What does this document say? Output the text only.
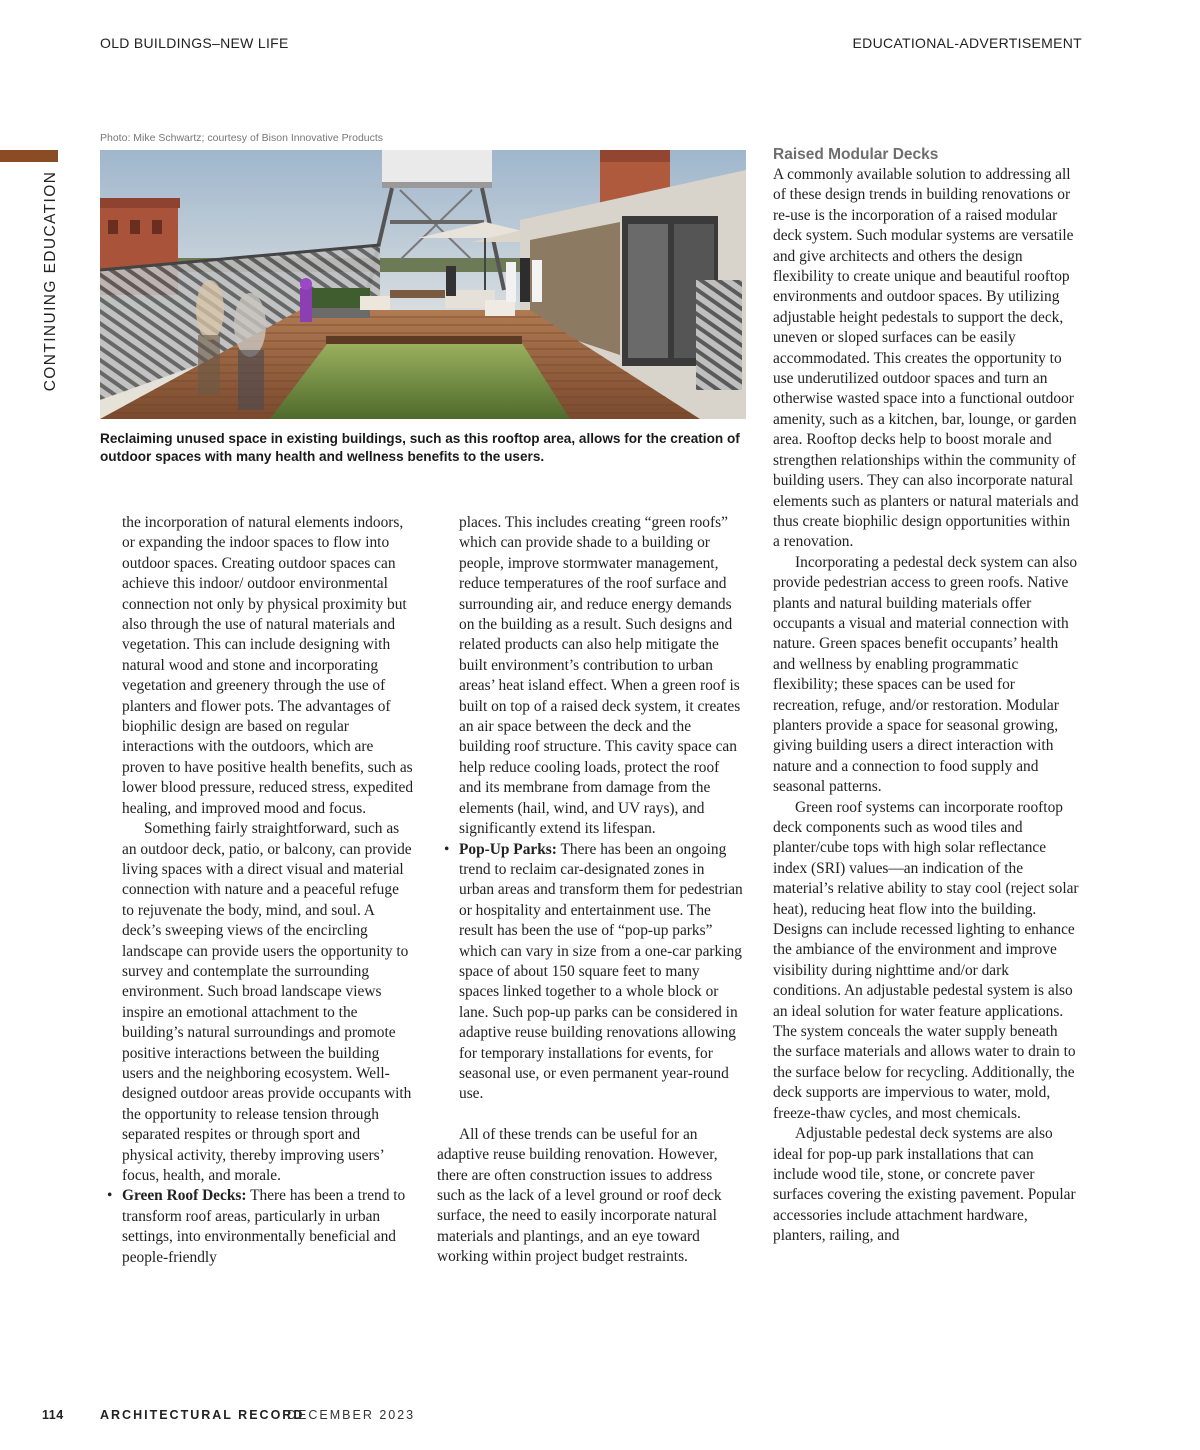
OLD BUILDINGS–NEW LIFE	EDUCATIONAL-ADVERTISEMENT
CONTINUING EDUCATION
Photo: Mike Schwartz; courtesy of Bison Innovative Products
Reclaiming unused space in existing buildings, such as this rooftop area, allows for the creation of outdoor spaces with many health and wellness benefits to the users.

the incorporation of natural elements indoors, or expanding the indoor spaces to flow into outdoor spaces. Creating outdoor spaces can achieve this indoor/ outdoor environmental connection not only by physical proximity but also through the use of natural materials and vegetation. This can include designing with natural wood and stone and incorporating vegetation and greenery through the use of planters and flower pots. The advantages of biophilic design are based on regular interactions with the outdoors, which are proven to have positive health benefits, such as lower blood pressure, reduced stress, expedited healing, and improved mood and focus.

Something fairly straightforward, such as an outdoor deck, patio, or balcony, can provide living spaces with a direct visual and material connection with nature and a peaceful refuge to rejuvenate the body, mind, and soul. A deck’s sweeping views of the encircling landscape can provide users the opportunity to survey and contemplate the surrounding environment. Such broad landscape views inspire an emotional attachment to the building’s natural surroundings and promote positive interactions between the building users and the neighboring ecosystem. Well-designed outdoor areas provide occupants with the opportunity to release tension through separated respites or through sport and physical activity, thereby improving users’ focus, health, and morale.

• Green Roof Decks: There has been a trend to transform roof areas, particularly in urban settings, into environmentally beneficial and people-friendly

places. This includes creating “green roofs” which can provide shade to a building or people, improve stormwater management, reduce temperatures of the roof surface and surrounding air, and reduce energy demands on the building as a result. Such designs and related products can also help mitigate the built environment’s contribution to urban areas’ heat island effect. When a green roof is built on top of a raised deck system, it creates an air space between the deck and the building roof structure. This cavity space can help reduce cooling loads, protect the roof and its membrane from damage from the elements (hail, wind, and UV rays), and significantly extend its lifespan.

• Pop-Up Parks: There has been an ongoing trend to reclaim car-designated zones in urban areas and transform them for pedestrian or hospitality and entertainment use. The result has been the use of “pop-up parks” which can vary in size from a one-car parking space of about 150 square feet to many spaces linked together to a whole block or lane. Such pop-up parks can be considered in adaptive reuse building renovations allowing for temporary installations for events, for seasonal use, or even permanent year-round use.

All of these trends can be useful for an adaptive reuse building renovation. However, there are often construction issues to address such as the lack of a level ground or roof deck surface, the need to easily incorporate natural materials and plantings, and an eye toward working within project budget restraints.

Raised Modular Decks

A commonly available solution to addressing all of these design trends in building renovations or re-use is the incorporation of a raised modular deck system. Such modular systems are versatile and give architects and others the design flexibility to create unique and beautiful rooftop environments and outdoor spaces. By utilizing adjustable height pedestals to support the deck, uneven or sloped surfaces can be easily accommodated. This creates the opportunity to use underutilized outdoor spaces and turn an otherwise wasted space into a functional outdoor amenity, such as a kitchen, bar, lounge, or garden area. Rooftop decks help to boost morale and strengthen relationships within the community of building users. They can also incorporate natural elements such as planters or natural materials and thus create biophilic design opportunities within a renovation.

Incorporating a pedestal deck system can also provide pedestrian access to green roofs. Native plants and natural building materials offer occupants a visual and material connection with nature. Green spaces benefit occupants’ health and wellness by enabling programmatic flexibility; these spaces can be used for recreation, refuge, and/or restoration. Modular planters provide a space for seasonal growing, giving building users a direct interaction with nature and a connection to food supply and seasonal patterns.

Green roof systems can incorporate rooftop deck components such as wood tiles and planter/cube tops with high solar reflectance index (SRI) values—an indication of the material’s relative ability to stay cool (reject solar heat), reducing heat flow into the building. Designs can include recessed lighting to enhance the ambiance of the environment and improve visibility during nighttime and/or dark conditions. An adjustable pedestal system is also an ideal solution for water feature applications. The system conceals the water supply beneath the surface materials and allows water to drain to the surface below for recycling. Additionally, the deck supports are impervious to water, mold, freeze-thaw cycles, and most chemicals.

Adjustable pedestal deck systems are also ideal for pop-up park installations that can include wood tile, stone, or concrete paver surfaces covering the existing pavement. Popular accessories include attachment hardware, planters, railing, and

114	ARCHITECTURAL RECORD
DECEMBER 2023
